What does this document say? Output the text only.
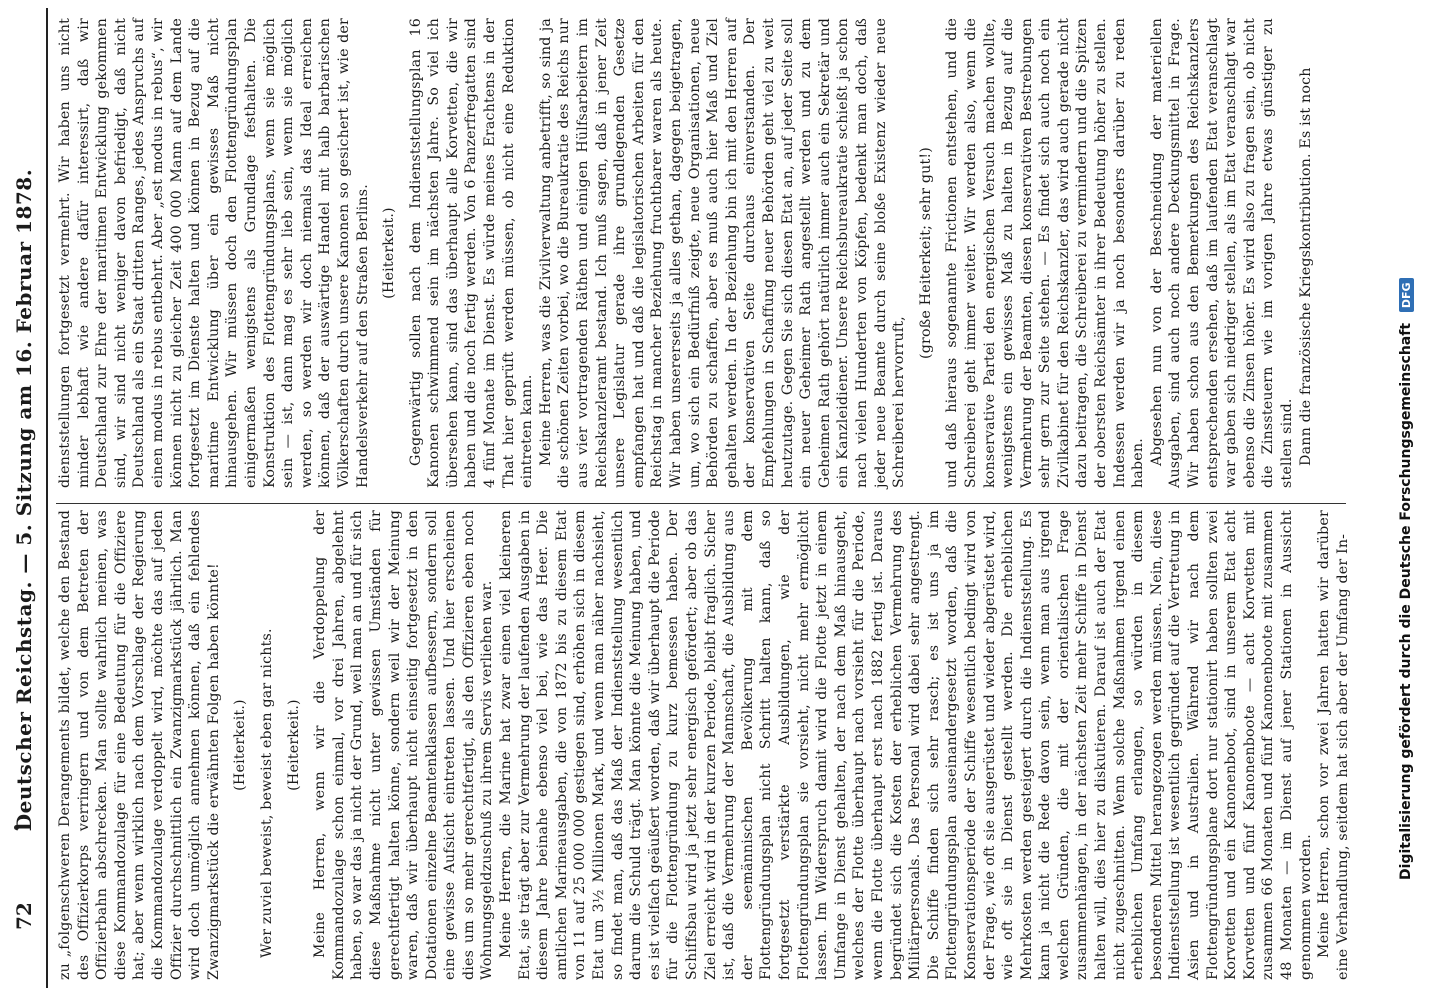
72
Deutscher Reichstag. — 5. Sitzung am 16. Februar 1878. zu „folgenschweren Derangements bildet, welche den Bestand des Offizierkorps verringern und von dem Betreten der Offizierbahn abschrecken. Man sollte wahrlich meinen, was diese Kommandozulage für eine Bedeutung für die Offiziere hat; aber wenn wirklich nach dem Vorschlage der Regierung die Kommandozulage verdoppelt wird, möchte das auf jeden Offizier durchschnittlich ein Zwanzigmarkstück jährlich. Man wird doch unmöglich annehmen können, daß ein fehlendes Zwanzigmarkstück die erwähnten Folgen haben könnte! (Heiterkeit.) Wer zuviel beweist, beweist eben gar nichts. (Heiterkeit.) Meine Herren, wenn wir die Verdoppelung der Kommandozulage schon einmal, vor drei Jahren, abgelehnt haben, so war das ja nicht der Grund, weil man an und für sich diese Maßnahme nicht unter gewissen Umständen für gerechtfertigt halten könne, sondern weil wir der Meinung waren, daß wir überhaupt nicht einseitig fortgesetzt in den Dotationen einzelne Beamtenklassen aufbessern, sondern soll eine gewisse Aufsicht eintreten lassen. Und hier erscheinen dies um so mehr gerechtfertigt, als den Offizieren eben noch Wohnungsgeldzuschuß zu ihrem Servis verliehen war. Meine Herren, die Marine hat zwar einen viel kleineren Etat, sie trägt aber zur Vermehrung der laufenden Ausgaben in diesem Jahre beinahe ebenso viel bei, wie das Heer. Die amtlichen Marineausgaben, die von 1872 bis zu diesem Etat von 11 auf 25 000 000 gestiegen sind, erhöhen sich in diesem Etat um 3½ Millionen Mark, und wenn man näher nachsieht, so findet man, daß das Maß der Indienststellung wesentlich darum die Schuld trägt. Man könnte die Meinung haben, und es ist vielfach geäußert worden, daß wir überhaupt die Periode für die Flottengründung zu kurz bemessen haben. Der Schiffsbau wird ja jetzt sehr energisch gefördert; aber ob das Ziel erreicht wird in der kurzen Periode, bleibt fraglich. Sicher ist, daß die Vermehrung der Mannschaft, die Ausbildung aus der seemännischen Bevölkerung mit dem Flottengründungsplan nicht Schritt halten kann, daß so fortgesetzt verstärkte Ausbildungen, wie der Flottengründungsplan sie vorsieht, nicht mehr ermöglicht lassen. Im Widerspruch damit wird die Flotte jetzt in einem Umfange in Dienst gehalten, der nach dem Maß hinausgeht, welches der Flotte überhaupt nach vorsieht für die Periode, wenn die Flotte überhaupt erst nach 1882 fertig ist. Daraus begründet sich die Kosten der erheblichen Vermehrung des Militärpersonals. Das Personal wird dabei sehr angestrengt. Die Schiffe finden sich sehr rasch; es ist uns ja im Flottengründungsplan auseinandergesetzt worden, daß die Konservationsperiode der Schiffe wesentlich bedingt wird von der Frage, wie oft sie ausgerüstet und wieder abgerüstet wird, wie oft sie in Dienst gestellt werden. Die erheblichen Mehrkosten werden gesteigert durch die Indienststellung. Es kann ja nicht die Rede davon sein, wenn man aus irgend welchen Gründen, die mit der orientalischen Frage zusammenhängen, in der nächsten Zeit mehr Schiffe in Dienst halten will, dies hier zu diskutieren. Darauf ist auch der Etat nicht zugeschnitten. Wenn solche Maßnahmen irgend einen erheblichen Umfang erlangen, so würden in diesem besonderen Mittel herangezogen werden müssen. Nein, diese Indienststellung ist wesentlich gegründet auf die Vertretung in Asien und in Australien. Während wir nach dem Flottengründungsplane dort nur stationirt haben sollten zwei Korvetten und ein Kanonenboot, sind in unserem Etat acht Korvetten und fünf Kanonenboote — acht Korvetten mit zusammen 66 Monaten und fünf Kanonenboote mit zusammen 48 Monaten — im Dienst auf jener Stationen in Aussicht genommen worden. Meine Herren, schon vor zwei Jahren hatten wir darüber eine Verhandlung, seitdem hat sich aber der Umfang der In-

dienststellungen fortgesetzt vermehrt. Wir haben uns nicht minder lebhaft wie andere dafür interessirt, daß wir Deutschland zur Ehre der maritimen Entwicklung gekommen sind, wir sind nicht weniger davon befriedigt, daß nicht Deutschland als ein Staat dritten Ranges, jedes Anspruchs auf einen modus in rebus entbehrt. Aber „est modus in rebus“, wir können nicht zu gleicher Zeit 400 000 Mann auf dem Lande fortgesetzt im Dienste halten und können in Bezug auf die maritime Entwicklung über ein gewisses Maß nicht hinausgehen. Wir müssen doch den Flottengründungsplan einigermaßen wenigstens als Grundlage festhalten. Die Konstruktion des Flottengründungsplans, wenn sie möglich sein — ist, dann mag es sehr lieb sein, wenn sie möglich werden, so werden wir doch niemals das Ideal erreichen können, daß der auswärtige Handel mit halb barbarischen Völkerschaften durch unsere Kanonen so gesichert ist, wie der Handelsverkehr auf den Straßen Berlins. (Heiterkeit.) Gegenwärtig sollen nach dem Indienststellungsplan 16 Kanonen schwimmend sein im nächsten Jahre. So viel ich übersehen kann, sind das überhaupt alle Korvetten, die wir haben und die noch fertig werden. Von 6 Panzerfregatten sind 4 fünf Monate im Dienst. Es würde meines Erachtens in der That hier geprüft werden müssen, ob nicht eine Reduktion eintreten kann. Meine Herren, was die Zivilverwaltung anbetrifft, so sind ja die schönen Zeiten vorbei, wo die Bureaukratie des Reichs nur aus vier vortragenden Räthen und einigen Hülfsarbeitern im Reichskanzleramt bestand. Ich muß sagen, daß in jener Zeit unsere Legislatur gerade ihre grundlegenden Gesetze empfangen hat und daß die legislatorischen Arbeiten für den Reichstag in mancher Beziehung fruchtbarer waren als heute. Wir haben unsererseits ja alles gethan, dagegen beigetragen, um, wo sich ein Bedürfniß zeigte, neue Organisationen, neue Behörden zu schaffen, aber es muß auch hier Maß und Ziel gehalten werden. In der Beziehung bin ich mit den Herren auf der konservativen Seite durchaus einverstanden. Der Empfehlungen in Schaffung neuer Behörden geht viel zu weit heutzutage. Gegen Sie sich diesen Etat an, auf jeder Seite soll ein neuer Geheimer Rath angestellt werden und zu dem Geheimen Rath gehört natürlich immer auch ein Sekretär und ein Kanzleidiener. Unsere Reichsbureaukratie schießt ja schon nach vielen Hunderten von Köpfen, bedenkt man doch, daß jeder neue Beamte durch seine bloße Existenz wieder neue Schreiberei hervorruft,

(große Heiterkeit; sehr gut!) und daß hieraus sogenannte Frictionen entstehen, und die Schreiberei geht immer weiter. Wir werden also, wenn die konservative Partei den energischen Versuch machen wollte, wenigstens ein gewisses Maß zu halten in Bezug auf die Vermehrung der Beamten, diesen konservativen Bestrebungen sehr gern zur Seite stehen. — Es findet sich auch noch ein Zivilkabinet für den Reichskanzler, das wird auch gerade nicht dazu beitragen, die Schreiberei zu vermindern und die Spitzen der obersten Reichsämter in ihrer Bedeutung höher zu stellen. Indessen werden wir ja noch besonders darüber zu reden haben. Abgesehen nun von der Beschneidung der materiellen Ausgaben, sind auch noch andere Deckungsmittel in Frage. Wir haben schon aus den Bemerkungen des Reichskanzlers entsprechenden ersehen, daß im laufenden Etat veranschlagt war gaben sich niedriger stellen, als im Etat veranschlagt war ebenso die Zinsen höher. Es wird also zu fragen sein, ob nicht die Zinssteuern wie im vorigen Jahre etwas günstiger zu stellen sind. Dann die französische Kriegskontribution. Es ist noch

Digitalisierung gefördert durch die Deutsche Forschungsgemeinschaft DFG
